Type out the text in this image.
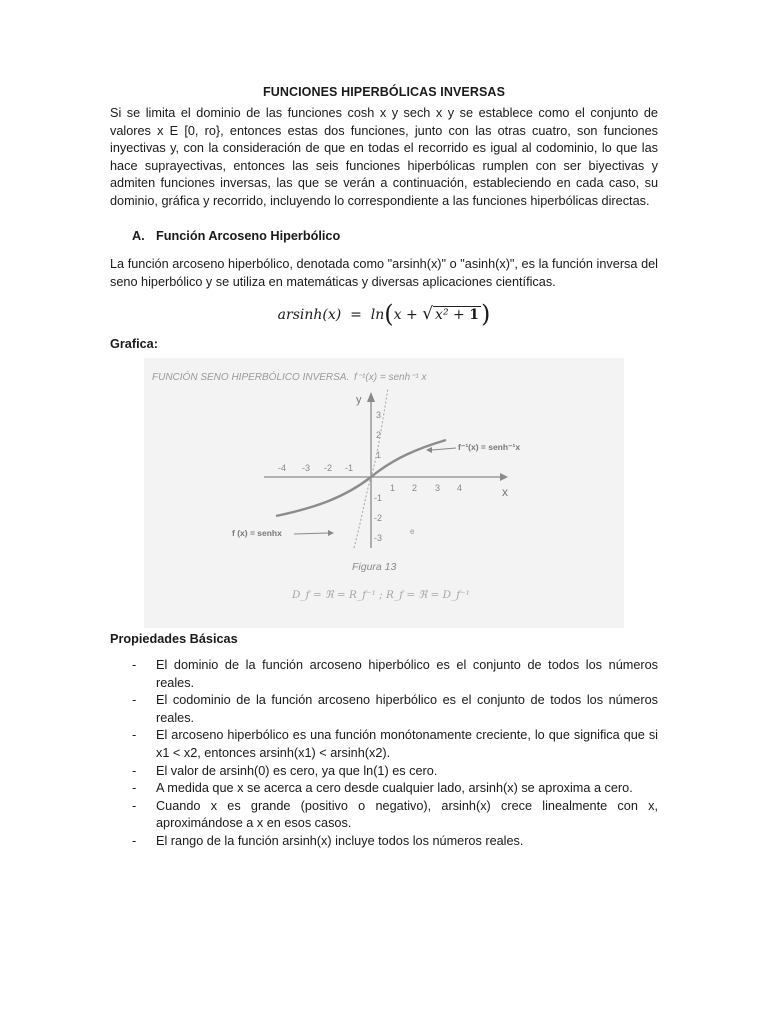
FUNCIONES HIPERBÓLICAS INVERSAS
Si se limita el dominio de las funciones cosh x y sech x y se establece como el conjunto de valores x E [0, ro}, entonces estas dos funciones, junto con las otras cuatro, son funciones inyectivas y, con la consideración de que en todas el recorrido es igual al codominio, lo que las hace suprayectivas, entonces las seis funciones hiperbólicas rumplen con ser biyectivas y admiten funciones inversas, las que se verán a continuación, estableciendo en cada caso, su dominio, gráfica y recorrido, incluyendo lo correspondiente a las funciones hiperbólicas directas.
A. Función Arcoseno Hiperbólico
La función arcoseno hiperbólico, denotada como "arsinh(x)" o "asinh(x)", es la función inversa del seno hiperbólico y se utiliza en matemáticas y diversas aplicaciones científicas.
arsinh(x) = ln(x + √ x² + 1)
Grafica:
FUNCIÓN SENO HIPERBÓLICO INVERSA. f⁻¹(x) = senh⁻¹ x
y
x
-4 -3 -2 -1
1 2 3 4
3
2
1
-1
-2
-3
f⁻¹(x) = senh⁻¹x
f (x) = senhx	e
Figura 13
D_f = ℜ = R_f⁻¹ ; R_f = ℜ = D_f⁻¹
Propiedades Básicas
- El dominio de la función arcoseno hiperbólico es el conjunto de todos los números reales.
- El codominio de la función arcoseno hiperbólico es el conjunto de todos los números reales.
- El arcoseno hiperbólico es una función monótonamente creciente, lo que significa que si x1 < x2, entonces arsinh(x1) < arsinh(x2).
- El valor de arsinh(0) es cero, ya que ln(1) es cero.
- A medida que x se acerca a cero desde cualquier lado, arsinh(x) se aproxima a cero.
- Cuando x es grande (positivo o negativo), arsinh(x) crece linealmente con x, aproximándose a x en esos casos.
- El rango de la función arsinh(x) incluye todos los números reales.
